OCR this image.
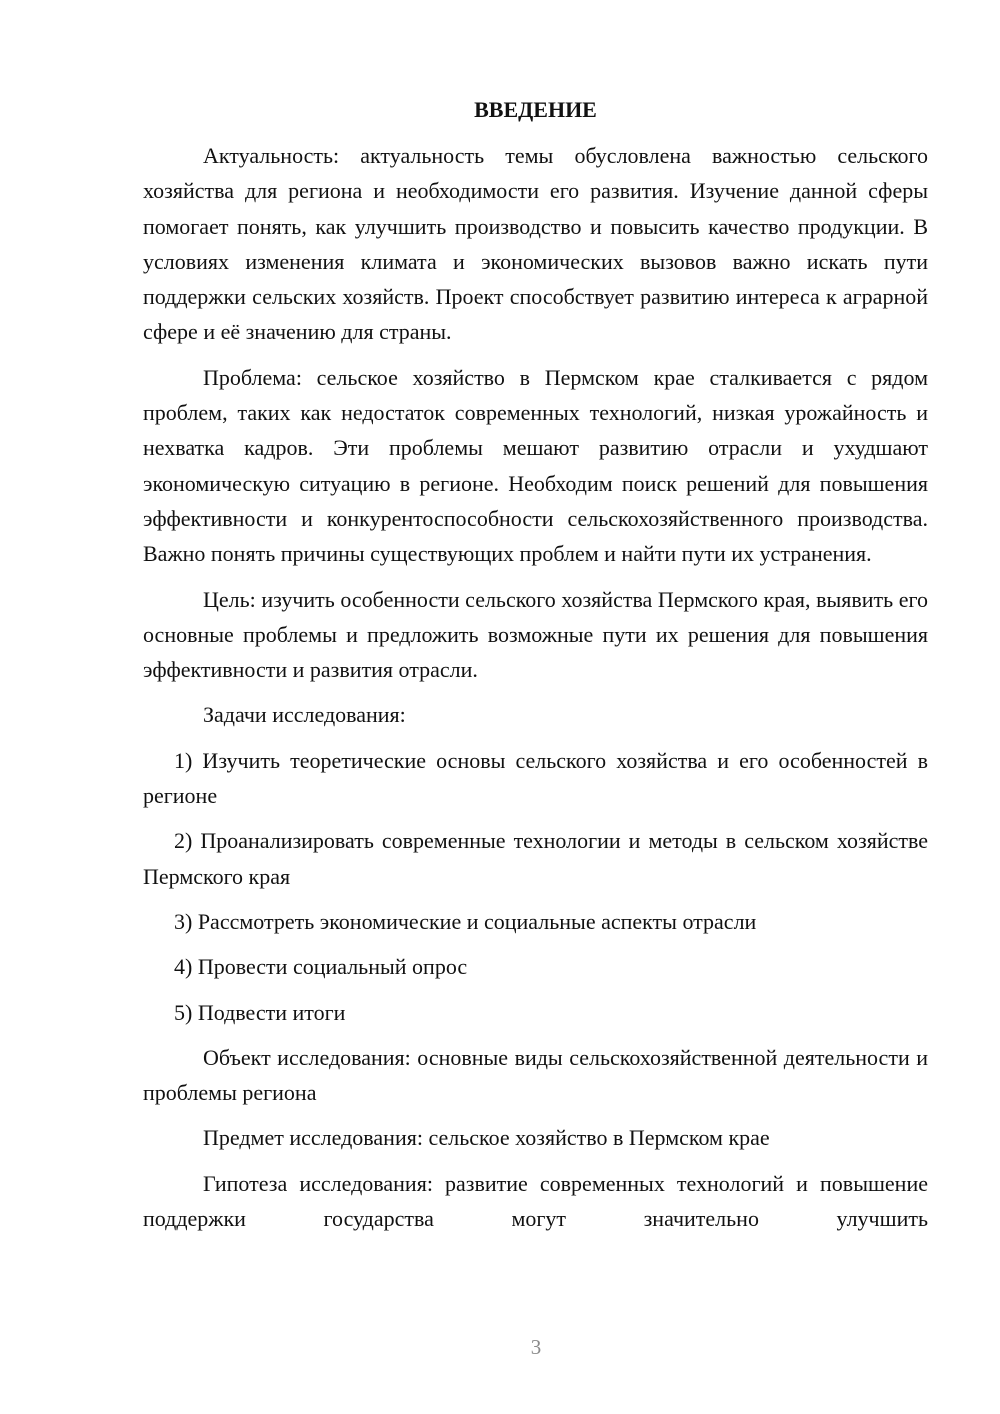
ВВЕДЕНИЕ

Актуальность: актуальность темы обусловлена важностью сельского хозяйства для региона и необходимости его развития. Изучение данной сферы помогает понять, как улучшить производство и повысить качество продукции. В условиях изменения климата и экономических вызовов важно искать пути поддержки сельских хозяйств. Проект способствует развитию интереса к аграрной сфере и её значению для страны.

Проблема: сельское хозяйство в Пермском крае сталкивается с рядом проблем, таких как недостаток современных технологий, низкая урожайность и нехватка кадров. Эти проблемы мешают развитию отрасли и ухудшают экономическую ситуацию в регионе. Необходим поиск решений для повышения эффективности и конкурентоспособности сельскохозяйственного производства. Важно понять причины существующих проблем и найти пути их устранения.

Цель: изучить особенности сельского хозяйства Пермского края, выявить его основные проблемы и предложить возможные пути их решения для повышения эффективности и развития отрасли.

Задачи исследования:

1) Изучить теоретические основы сельского хозяйства и его особенностей в регионе

2) Проанализировать современные технологии и методы в сельском хозяйстве Пермского края

3) Рассмотреть экономические и социальные аспекты отрасли

4) Провести социальный опрос

5) Подвести итоги

Объект исследования: основные виды сельскохозяйственной деятельности и проблемы региона

Предмет исследования: сельское хозяйство в Пермском крае

Гипотеза исследования: развитие современных технологий и повышение поддержки государства могут значительно улучшить

3
